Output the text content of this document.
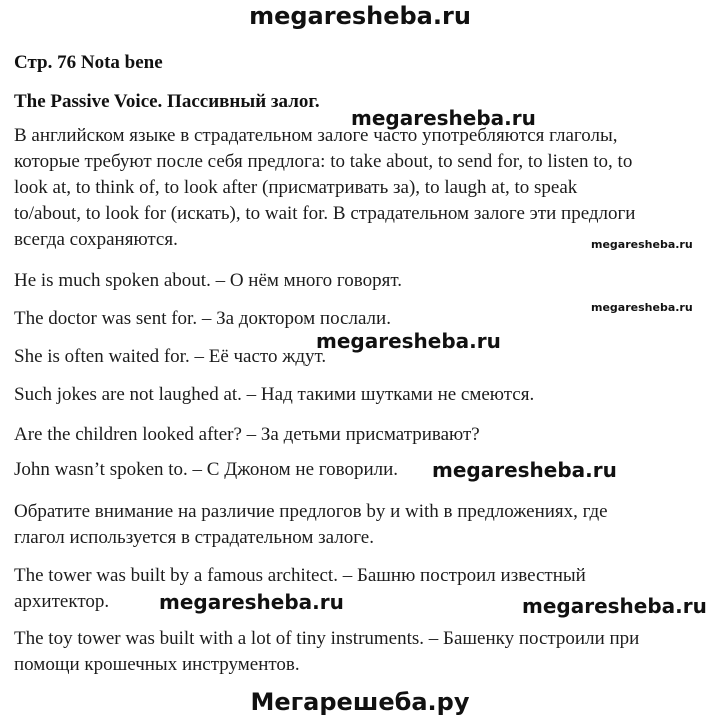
megaresheba.ru
Стр. 76 Nota bene
The Passive Voice. Пассивный залог.
В английском языке в страдательном залоге часто употребляются глаголы,
которые требуют после себя предлога: to take about, to send for, to listen to, to
look at, to think of, to look after (присматривать за), to laugh at, to speak
to/about, to look for (искать), to wait for. В страдательном залоге эти предлоги
всегда сохраняются.
He is much spoken about. – О нём много говорят.
The doctor was sent for. – За доктором послали.
She is often waited for. – Её часто ждут.
Such jokes are not laughed at. – Над такими шутками не смеются.
Are the children looked after? – За детьми присматривают?
John wasn’t spoken to. – С Джоном не говорили.
Обратите внимание на различие предлогов by и with в предложениях, где
глагол используется в страдательном залоге.
The tower was built by a famous architect. – Башню построил известный
архитектор.
The toy tower was built with a lot of tiny instruments. – Башенку построили при
помощи крошечных инструментов.
megaresheba.ru
megaresheba.ru
megaresheba.ru
megaresheba.ru
megaresheba.ru
megaresheba.ru	megaresheba.ru
Мегарешеба.ру
